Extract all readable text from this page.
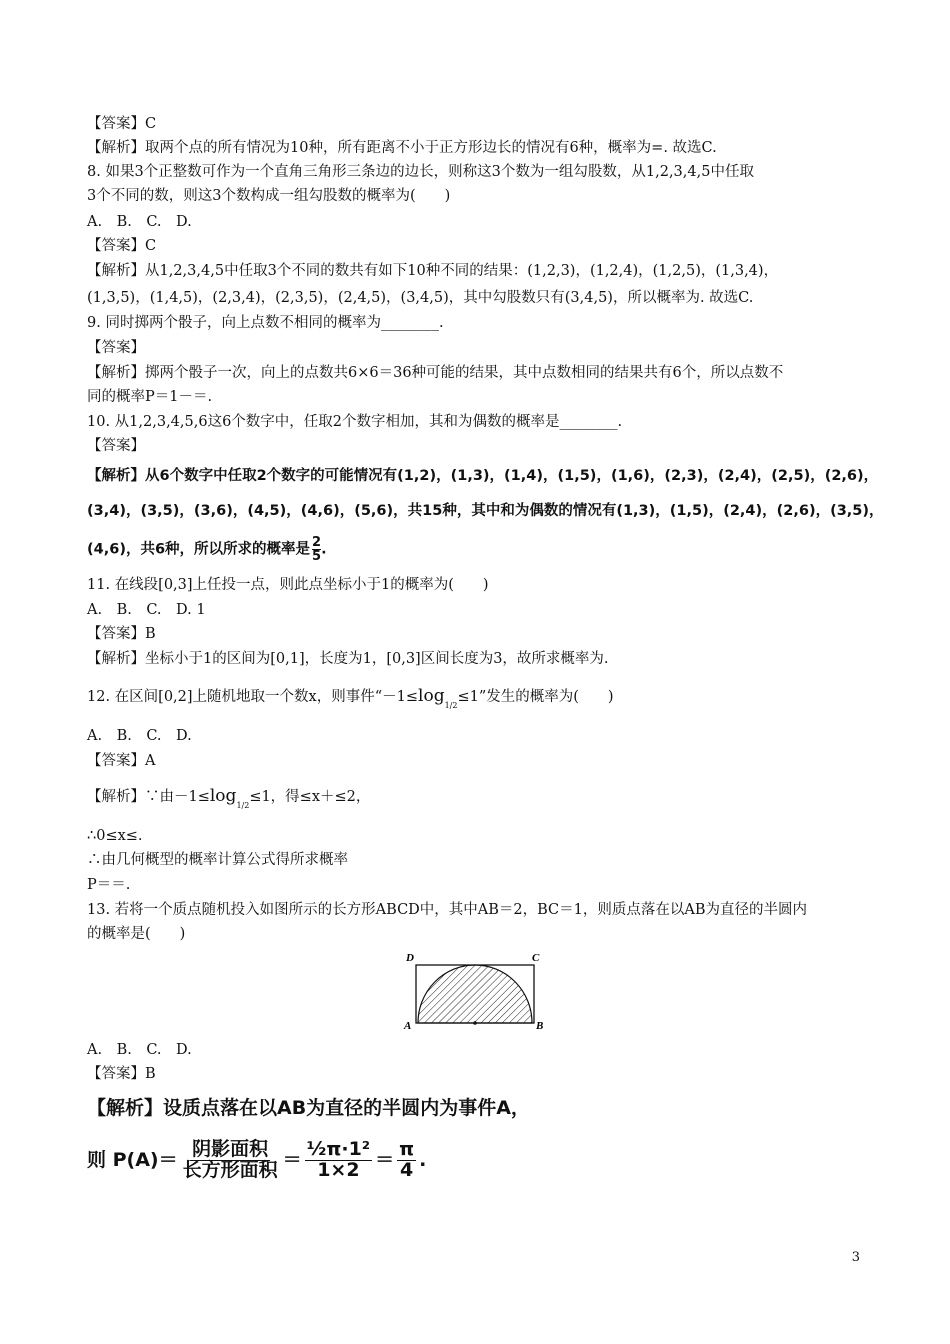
【答案】C
【解析】取两个点的所有情况为10种，所有距离不小于正方形边长的情况有6种，概率为=. 故选C.
8. 如果3个正整数可作为一个直角三角形三条边的边长，则称这3个数为一组勾股数，从1,2,3,4,5中任取
3个不同的数，则这3个数构成一组勾股数的概率为(　　)
A.　B.　C.　D.
【答案】C
【解析】从1,2,3,4,5中任取3个不同的数共有如下10种不同的结果：(1,2,3)，(1,2,4)，(1,2,5)，(1,3,4)，
(1,3,5)，(1,4,5)，(2,3,4)，(2,3,5)，(2,4,5)，(3,4,5)，其中勾股数只有(3,4,5)，所以概率为. 故选C.
9. 同时掷两个骰子，向上点数不相同的概率为________.
【答案】
【解析】掷两个骰子一次，向上的点数共6×6＝36种可能的结果，其中点数相同的结果共有6个，所以点数不
同的概率P＝1－＝.
10. 从1,2,3,4,5,6这6个数字中，任取2个数字相加，其和为偶数的概率是________.
【答案】
【解析】从6个数字中任取2个数字的可能情况有(1,2)，(1,3)，(1,4)，(1,5)，(1,6)，(2,3)，(2,4)，(2,5)，(2,6)，
(3,4)，(3,5)，(3,6)，(4,5)，(4,6)，(5,6)，共15种，其中和为偶数的情况有(1,3)，(1,5)，(2,4)，(2,6)，(3,5)，
(4,6)，共6种，所以所求的概率是 $\frac{2}{5}$ .
11. 在线段[0,3]上任投一点，则此点坐标小于1的概率为(　　)
A.　B.　C.　D. 1
【答案】B
【解析】坐标小于1的区间为[0,1]，长度为1，[0,3]区间长度为3，故所求概率为.
12. 在区间[0,2]上随机地取一个数x，则事件“－1≤log1/2≤1”发生的概率为(　　)
A.　B.　C.　D.
【答案】A
【解析】∵由－1≤log1/2≤1，得≤x＋≤2，
∴0≤x≤.
∴由几何概型的概率计算公式得所求概率
P＝＝.
13. 若将一个质点随机投入如图所示的长方形ABCD中，其中AB＝2，BC＝1，则质点落在以AB为直径的半圆内
的概率是(　　)
A	B
C
D
A.　B.　C.　D.
【答案】B
【解析】设质点落在以AB为直径的半圆内为事件A，
则 $P(A)= \frac{\text{阴影面积}}{\text{长方形面积}} = \frac{\text{½π·1²}}{1\times 2} = \frac{\pi}{4}$ .
3
